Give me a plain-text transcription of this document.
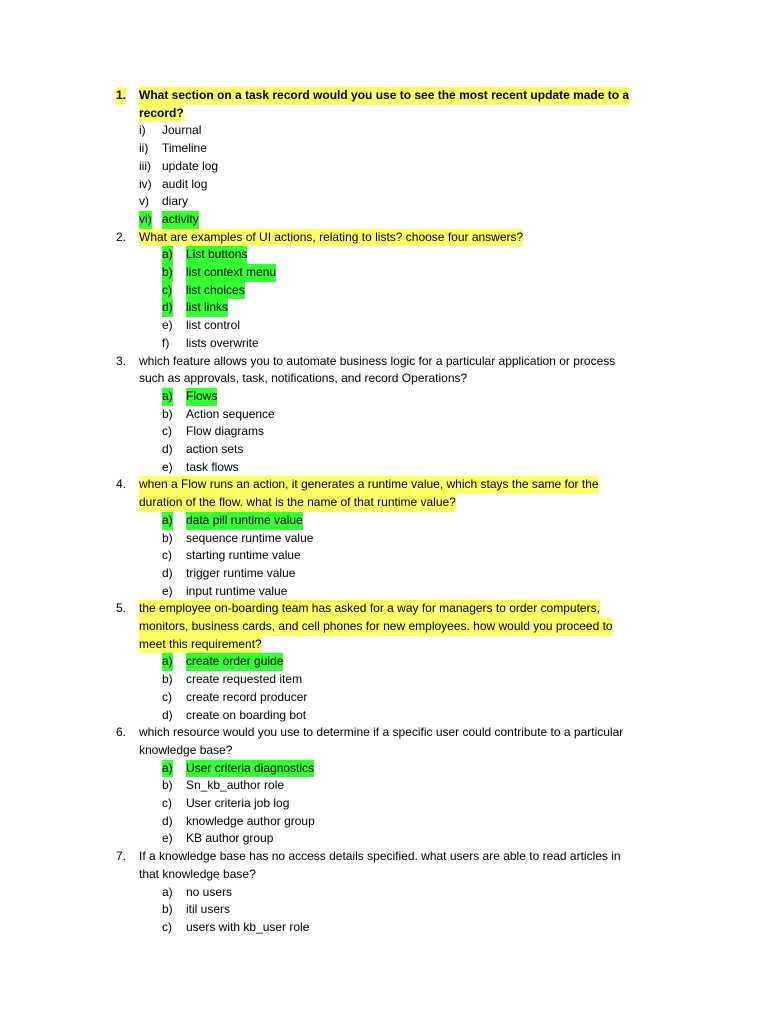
1. What section on a task record would you use to see the most recent update made to a
record?
i) Journal
ii) Timeline
iii) update log
iv) audit log
v) diary
vi) activity
2. What are examples of UI actions, relating to lists? choose four answers?
a) List buttons
b) list context menu
c) list choices
d) list links
e) list control
f) lists overwrite
3. which feature allows you to automate business logic for a particular application or process
such as approvals, task, notifications, and record Operations?
a) Flows
b) Action sequence
c) Flow diagrams
d) action sets
e) task flows
4. when a Flow runs an action, it generates a runtime value, which stays the same for the
duration of the flow. what is the name of that runtime value?
a) data pill runtime value
b) sequence runtime value
c) starting runtime value
d) trigger runtime value
e) input runtime value
5. the employee on-boarding team has asked for a way for managers to order computers,
monitors, business cards, and cell phones for new employees. how would you proceed to
meet this requirement?
a) create order guide
b) create requested item
c) create record producer
d) create on boarding bot
6. which resource would you use to determine if a specific user could contribute to a particular
knowledge base?
a) User criteria diagnostics
b) Sn_kb_author role
c) User criteria job log
d) knowledge author group
e) KB author group
7. If a knowledge base has no access details specified. what users are able to read articles in
that knowledge base?
a) no users
b) itil users
c) users with kb_user role
